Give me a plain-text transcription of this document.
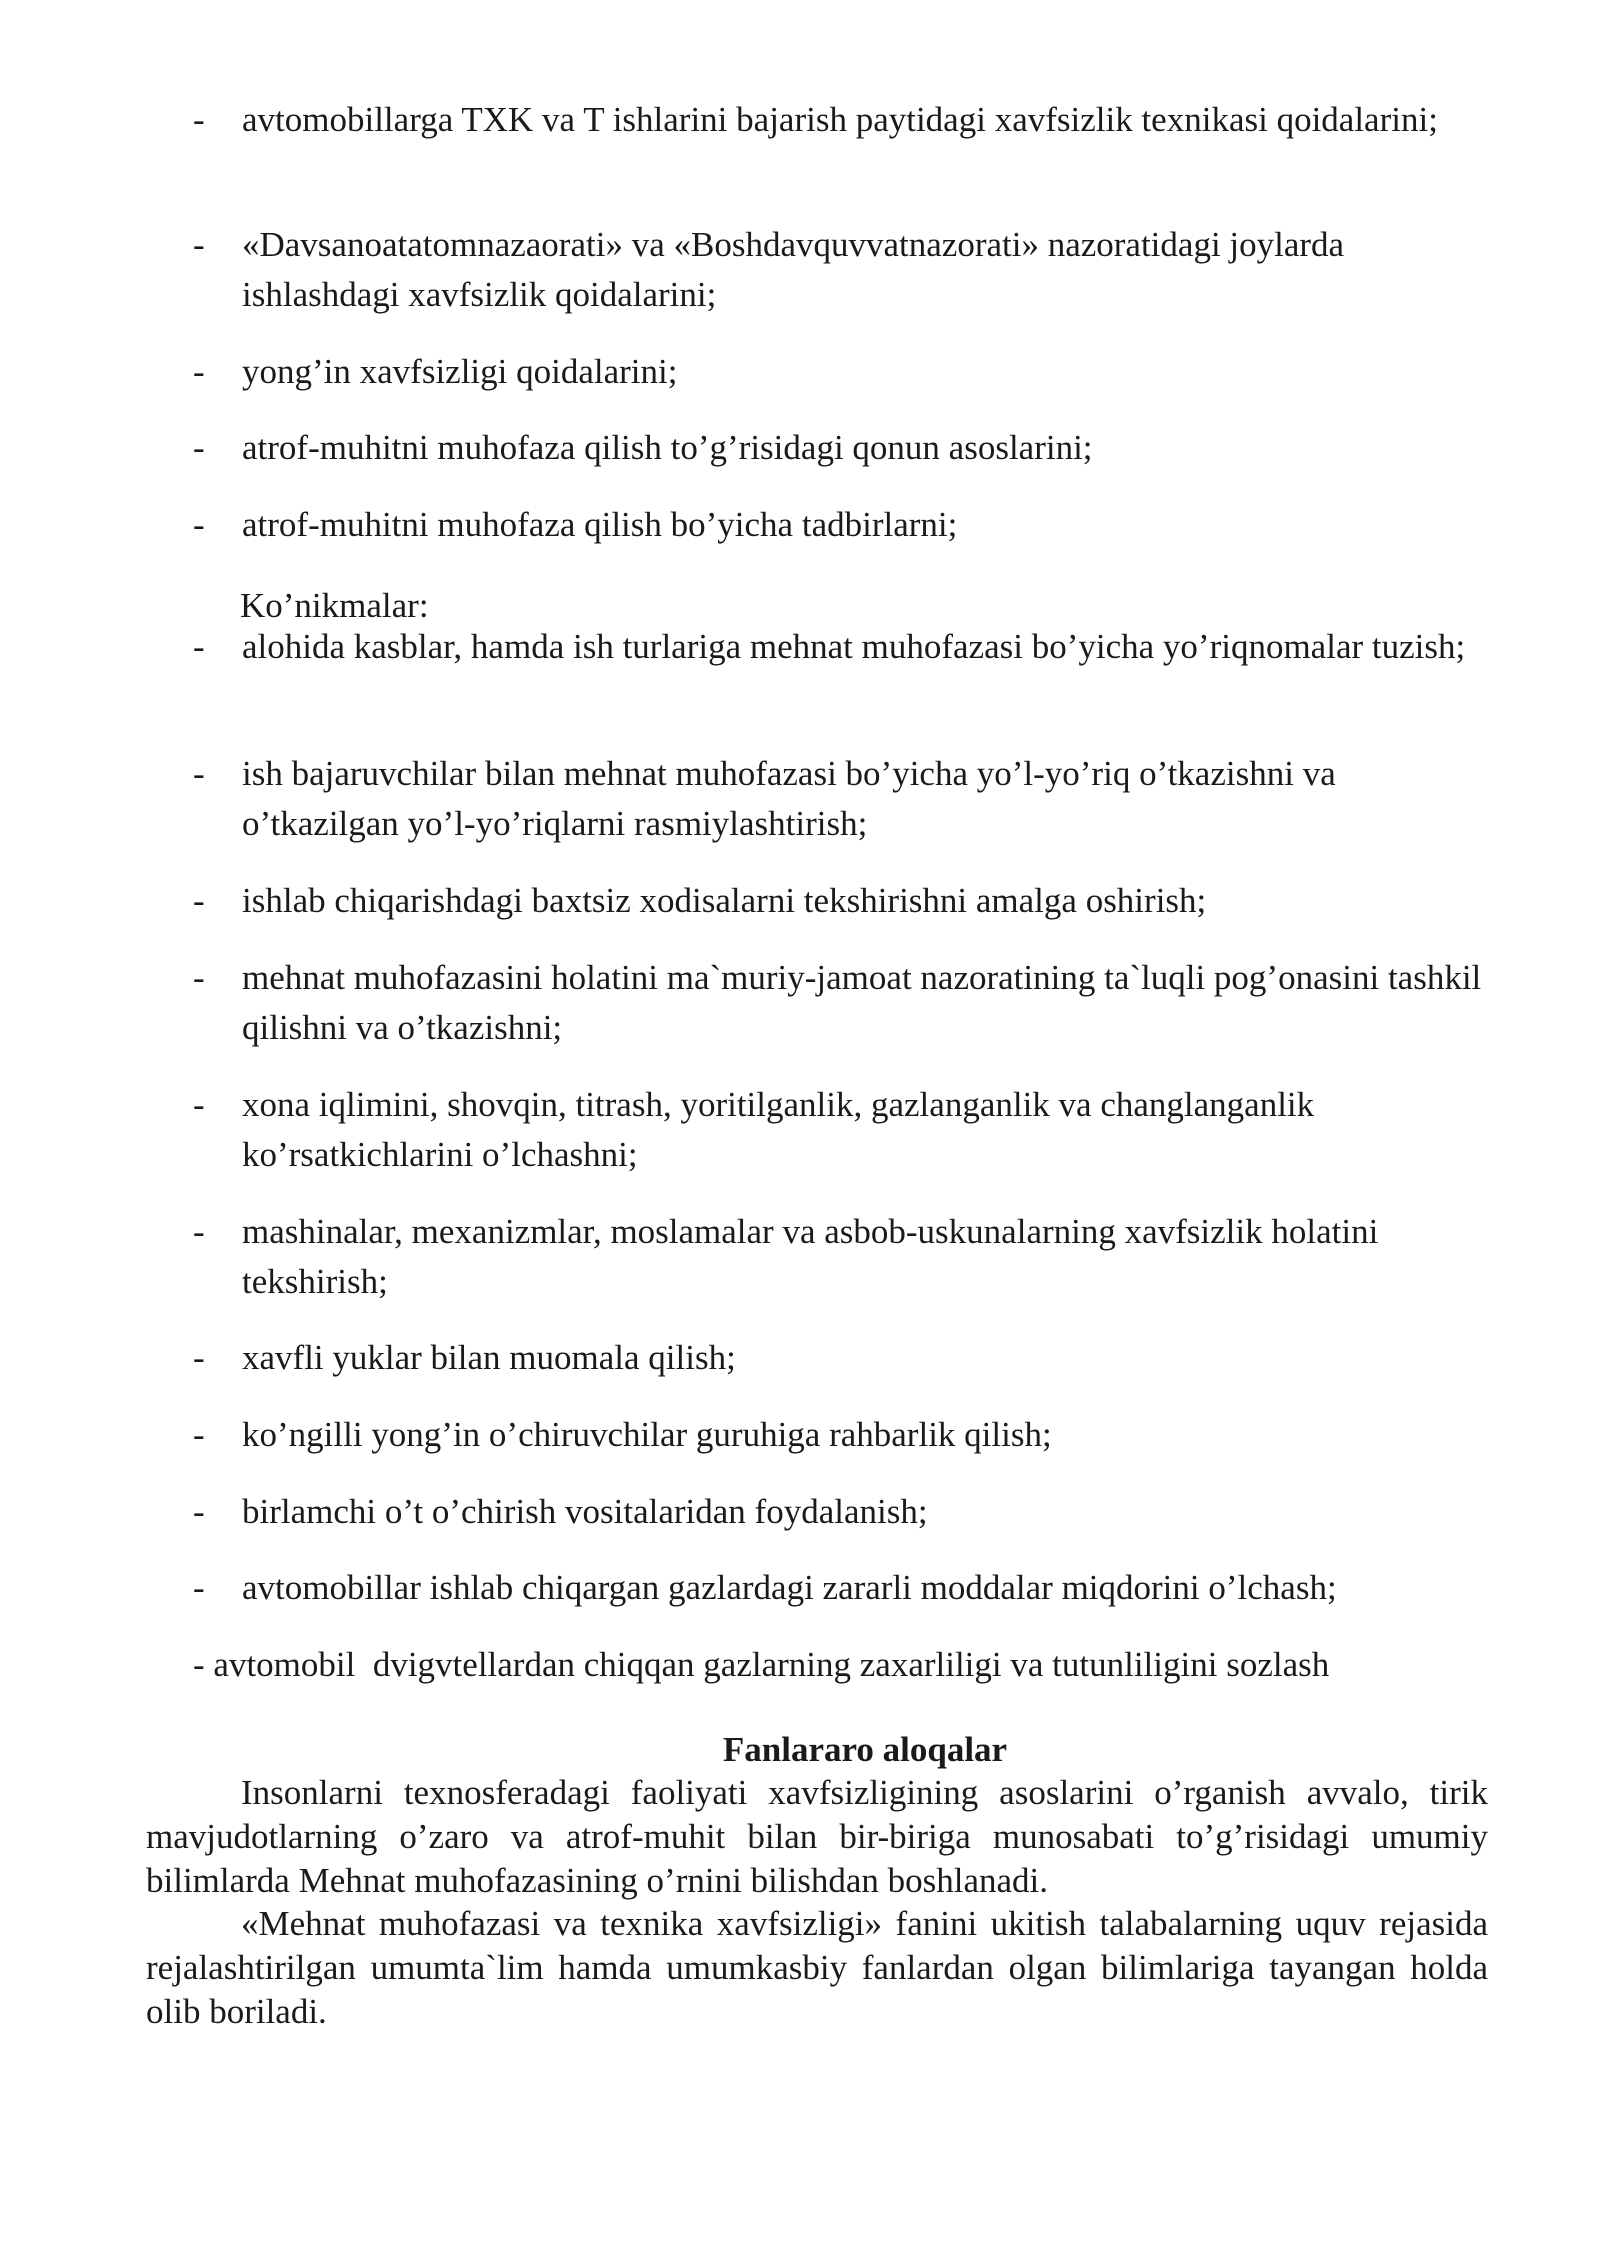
- avtomobillarga TXK va T ishlarini bajarish paytidagi xavfsizlik texnikasi qoidalarini;
- «Davsanoatatomnazaorati» va «Boshdavquvvatnazorati» nazoratidagi joylarda ishlashdagi xavfsizlik qoidalarini;
- yong’in xavfsizligi qoidalarini;
- atrof-muhitni muhofaza qilish to’g’risidagi qonun asoslarini;
- atrof-muhitni muhofaza qilish bo’yicha tadbirlarni;
Ko’nikmalar:
- alohida kasblar, hamda ish turlariga mehnat muhofazasi bo’yicha yo’riqnomalar tuzish;
- ish bajaruvchilar bilan mehnat muhofazasi bo’yicha yo’l-yo’riq o’tkazishni va o’tkazilgan yo’l-yo’riqlarni rasmiylashtirish;
- ishlab chiqarishdagi baxtsiz xodisalarni tekshirishni amalga oshirish;
- mehnat muhofazasini holatini ma`muriy-jamoat nazoratining ta`luqli pog’onasini tashkil qilishni va o’tkazishni;
- xona iqlimini, shovqin, titrash, yoritilganlik, gazlanganlik va changlanganlik ko’rsatkichlarini o’lchashni;
- mashinalar, mexanizmlar, moslamalar va asbob-uskunalarning xavfsizlik holatini tekshirish;
- xavfli yuklar bilan muomala qilish;
- ko’ngilli yong’in o’chiruvchilar guruhiga rahbarlik qilish;
- birlamchi o’t o’chirish vositalaridan foydalanish;
- avtomobillar ishlab chiqargan gazlardagi zararli moddalar miqdorini o’lchash;
- avtomobil  dvigvtellardan chiqqan gazlarning zaxarliligi va tutunliligini sozlash
Fanlararo aloqalar

Insonlarni texnosferadagi faoliyati xavfsizligining asoslarini o’rganish avvalo, tirik mavjudotlarning o’zaro va atrof-muhit bilan bir-biriga munosabati to’g’risidagi umumiy bilimlarda Mehnat muhofazasining o’rnini bilishdan boshlanadi.

«Mehnat muhofazasi va texnika xavfsizligi» fanini ukitish talabalarning uquv rejasida rejalashtirilgan umumta`lim hamda umumkasbiy fanlardan olgan bilimlariga tayangan holda olib boriladi.
